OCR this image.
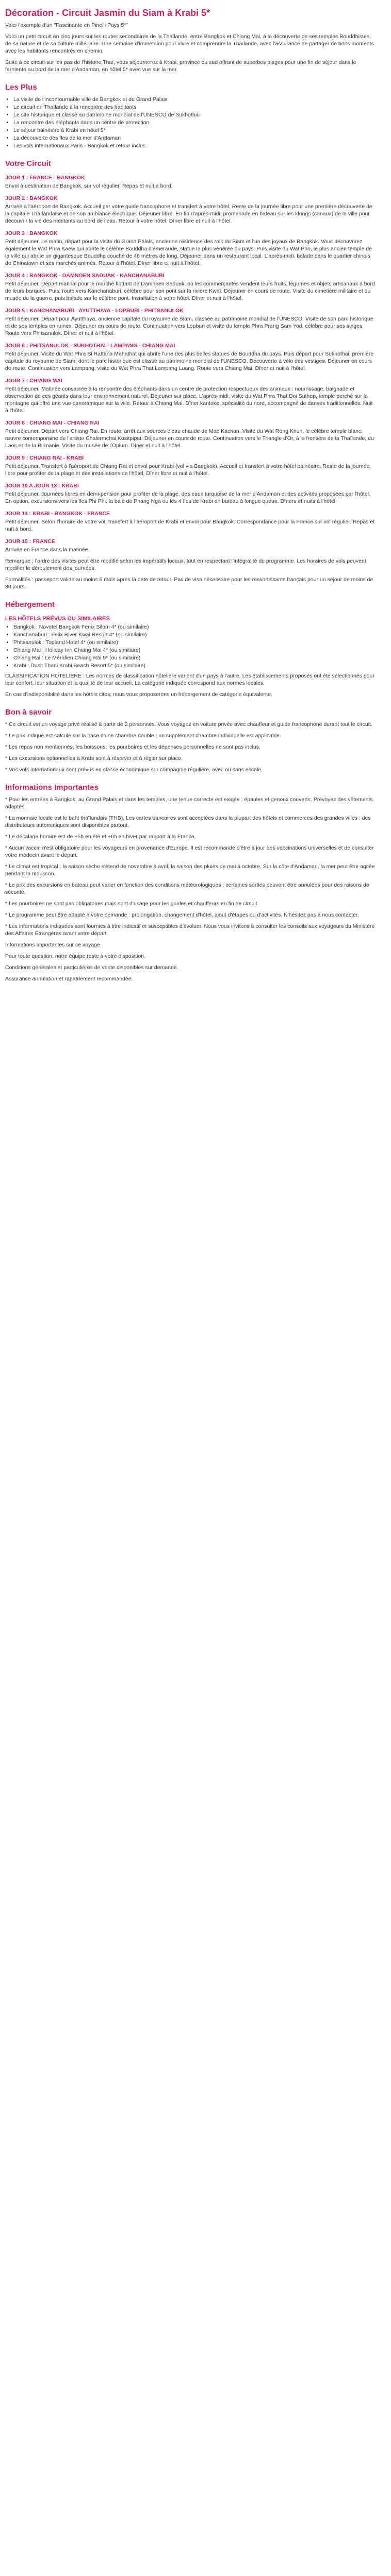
Décoration - Circuit Jasmin du Siam à Krabi 5*

Voici l'exemple d'un "Fascinante en Pinelli Pays 5*"

Voici un petit circuit en cinq jours sur les routes secondaires de la Thaïlande, entre Bangkok et Chiang Mai, à la découverte de ses temples Bouddhistes, de sa nature et de sa culture millénaire. Une semaine d'immersion pour vivre et comprendre la Thaïlande, avec l'assurance de partager de bons moments avec les habitants rencontrés en chemin.

Suite à ce circuit sur les pas de l'histoire Thaï, vous séjournerez à Krabi, province du sud offrant de superbes plages pour une fin de séjour dans le farniente au bord de la mer d'Andaman, en hôtel 5* avec vue sur la mer.

Les Plus
• La visite de l'incontournable ville de Bangkok et du Grand Palais
• Le circuit en Thaïlande à la rencontre des habitants
• Le site historique et classé au patrimoine mondial de l'UNESCO de Sukhothai
• La rencontre des éléphants dans un centre de protection
• Le séjour balnéaire à Krabi en hôtel 5*
• La découverte des îles de la mer d'Andaman
• Les vols internationaux Paris - Bangkok et retour inclus
Votre Circuit
JOUR 1 : FRANCE - BANGKOK

Envol à destination de Bangkok, sur vol régulier. Repas et nuit à bord.

JOUR 2 : BANGKOK

Arrivée à l'aéroport de Bangkok. Accueil par votre guide francophone et transfert à votre hôtel. Reste de la journée libre pour une première découverte de la capitale Thaïlandaise et de son ambiance électrique. Déjeuner libre. En fin d'après-midi, promenade en bateau sur les klongs (canaux) de la ville pour découvrir la vie des habitants au bord de l'eau. Retour à votre hôtel. Dîner libre et nuit à l'hôtel.

JOUR 3 : BANGKOK

Petit déjeuner. Le matin, départ pour la visite du Grand Palais, ancienne résidence des rois du Siam et l'un des joyaux de Bangkok. Vous découvrirez également le Wat Phra Kaew qui abrite le célèbre Bouddha d'émeraude, statue la plus vénérée du pays. Puis visite du Wat Pho, le plus ancien temple de la ville qui abrite un gigantesque Bouddha couché de 46 mètres de long. Déjeuner dans un restaurant local. L'après-midi, balade dans le quartier chinois de Chinatown et ses marchés animés. Retour à l'hôtel. Dîner libre et nuit à l'hôtel.

JOUR 4 : BANGKOK - DAMNOEN SADUAK - KANCHANABURI

Petit déjeuner. Départ matinal pour le marché flottant de Damnoen Saduak, où les commerçantes vendent leurs fruits, légumes et objets artisanaux à bord de leurs barques. Puis, route vers Kanchanaburi, célèbre pour son pont sur la rivière Kwaï. Déjeuner en cours de route. Visite du cimetière militaire et du musée de la guerre, puis balade sur le célèbre pont. Installation à votre hôtel. Dîner et nuit à l'hôtel.

JOUR 5 : KANCHANABURI - AYUTTHAYA - LOPBURI - PHITSANULOK

Petit déjeuner. Départ pour Ayutthaya, ancienne capitale du royaume de Siam, classée au patrimoine mondial de l'UNESCO. Visite de son parc historique et de ses temples en ruines. Déjeuner en cours de route. Continuation vers Lopburi et visite du temple Phra Prang Sam Yod, célèbre pour ses singes. Route vers Phitsanulok. Dîner et nuit à l'hôtel.

JOUR 6 : PHITSANULOK - SUKHOTHAI - LAMPANG - CHIANG MAI

Petit déjeuner. Visite du Wat Phra Si Rattana Mahathat qui abrite l'une des plus belles statues de Bouddha du pays. Puis départ pour Sukhothai, première capitale du royaume de Siam, dont le parc historique est classé au patrimoine mondial de l'UNESCO. Découverte à vélo des vestiges. Déjeuner en cours de route. Continuation vers Lampang, visite du Wat Phra That Lampang Luang. Route vers Chiang Mai. Dîner et nuit à l'hôtel.

JOUR 7 : CHIANG MAI

Petit déjeuner. Matinée consacrée à la rencontre des éléphants dans un centre de protection respectueux des animaux : nourrissage, baignade et observation de ces géants dans leur environnement naturel. Déjeuner sur place. L'après-midi, visite du Wat Phra That Doi Suthep, temple perché sur la montagne qui offre une vue panoramique sur la ville. Retour à Chiang Mai. Dîner kantoke, spécialité du nord, accompagné de danses traditionnelles. Nuit à l'hôtel.

JOUR 8 : CHIANG MAI - CHIANG RAI

Petit déjeuner. Départ vers Chiang Rai. En route, arrêt aux sources d'eau chaude de Mae Kachan. Visite du Wat Rong Khun, le célèbre temple blanc, œuvre contemporaine de l'artiste Chalermchai Kositpipat. Déjeuner en cours de route. Continuation vers le Triangle d'Or, à la frontière de la Thaïlande, du Laos et de la Birmanie. Visite du musée de l'Opium. Dîner et nuit à l'hôtel.

JOUR 9 : CHIANG RAI - KRABI

Petit déjeuner. Transfert à l'aéroport de Chiang Rai et envol pour Krabi (vol via Bangkok). Accueil et transfert à votre hôtel balnéaire. Reste de la journée libre pour profiter de la plage et des installations de l'hôtel. Dîner libre et nuit à l'hôtel.

JOUR 10 A JOUR 13 : KRABI

Petit déjeuner. Journées libres en demi-pension pour profiter de la plage, des eaux turquoise de la mer d'Andaman et des activités proposées par l'hôtel. En option, excursions vers les îles Phi Phi, la baie de Phang Nga ou les 4 îles de Krabi en bateau à longue queue. Dîners et nuits à l'hôtel.

JOUR 14 : KRABI - BANGKOK - FRANCE

Petit déjeuner. Selon l'horaire de votre vol, transfert à l'aéroport de Krabi et envol pour Bangkok. Correspondance pour la France sur vol régulier. Repas et nuit à bord.

JOUR 15 : FRANCE

Arrivée en France dans la matinée.

Remarque : l'ordre des visites peut être modifié selon les impératifs locaux, tout en respectant l'intégralité du programme. Les horaires de vols peuvent modifier le déroulement des journées.

Formalités : passeport valide au moins 6 mois après la date de retour. Pas de visa nécessaire pour les ressortissants français pour un séjour de moins de 30 jours.

Hébergement
LES HÔTELS PRÉVUS OU SIMILAIRES
• Bangkok : Novotel Bangkok Fenix Silom 4* (ou similaire)
• Kanchanaburi : Felix River Kwai Resort 4* (ou similaire)
• Phitsanulok : Topland Hotel 4* (ou similaire)
• Chiang Mai : Holiday Inn Chiang Mai 4* (ou similaire)
• Chiang Rai : Le Méridien Chiang Rai 5* (ou similaire)
• Krabi : Dusit Thani Krabi Beach Resort 5* (ou similaire)

CLASSIFICATION HOTELIERE : Les normes de classification hôtelière varient d'un pays à l'autre. Les établissements proposés ont été sélectionnés pour leur confort, leur situation et la qualité de leur accueil. La catégorie indiquée correspond aux normes locales.

En cas d'indisponibilité dans les hôtels cités, nous vous proposerons un hébergement de catégorie équivalente.

Bon à savoir

* Ce circuit est un voyage privé réalisé à partir de 2 personnes. Vous voyagez en voiture privée avec chauffeur et guide francophone durant tout le circuit.

* Le prix indiqué est calculé sur la base d'une chambre double ; un supplément chambre individuelle est applicable.

* Les repas non mentionnés, les boissons, les pourboires et les dépenses personnelles ne sont pas inclus.

* Les excursions optionnelles à Krabi sont à réserver et à régler sur place.

* Vos vols internationaux sont prévus en classe économique sur compagnie régulière, avec ou sans escale.

Informations Importantes

* Pour les entrées à Bangkok, au Grand Palais et dans les temples, une tenue correcte est exigée : épaules et genoux couverts. Prévoyez des vêtements adaptés.

* La monnaie locale est le baht thaïlandais (THB). Les cartes bancaires sont acceptées dans la plupart des hôtels et commerces des grandes villes ; des distributeurs automatiques sont disponibles partout.

* Le décalage horaire est de +5h en été et +6h en hiver par rapport à la France.

* Aucun vaccin n'est obligatoire pour les voyageurs en provenance d'Europe. Il est recommandé d'être à jour des vaccinations universelles et de consulter votre médecin avant le départ.

* Le climat est tropical : la saison sèche s'étend de novembre à avril, la saison des pluies de mai à octobre. Sur la côte d'Andaman, la mer peut être agitée pendant la mousson.

* Le prix des excursions en bateau peut varier en fonction des conditions météorologiques ; certaines sorties peuvent être annulées pour des raisons de sécurité.

* Les pourboires ne sont pas obligatoires mais sont d'usage pour les guides et chauffeurs en fin de circuit.

* Le programme peut être adapté à votre demande : prolongation, changement d'hôtel, ajout d'étapes ou d'activités. N'hésitez pas à nous contacter.

* Les informations indiquées sont fournies à titre indicatif et susceptibles d'évoluer. Nous vous invitons à consulter les conseils aux voyageurs du Ministère des Affaires Étrangères avant votre départ.

Informations importantes sur ce voyage

Pour toute question, notre équipe reste à votre disposition.

Conditions générales et particulières de vente disponibles sur demande.

Assurance annulation et rapatriement recommandée.
